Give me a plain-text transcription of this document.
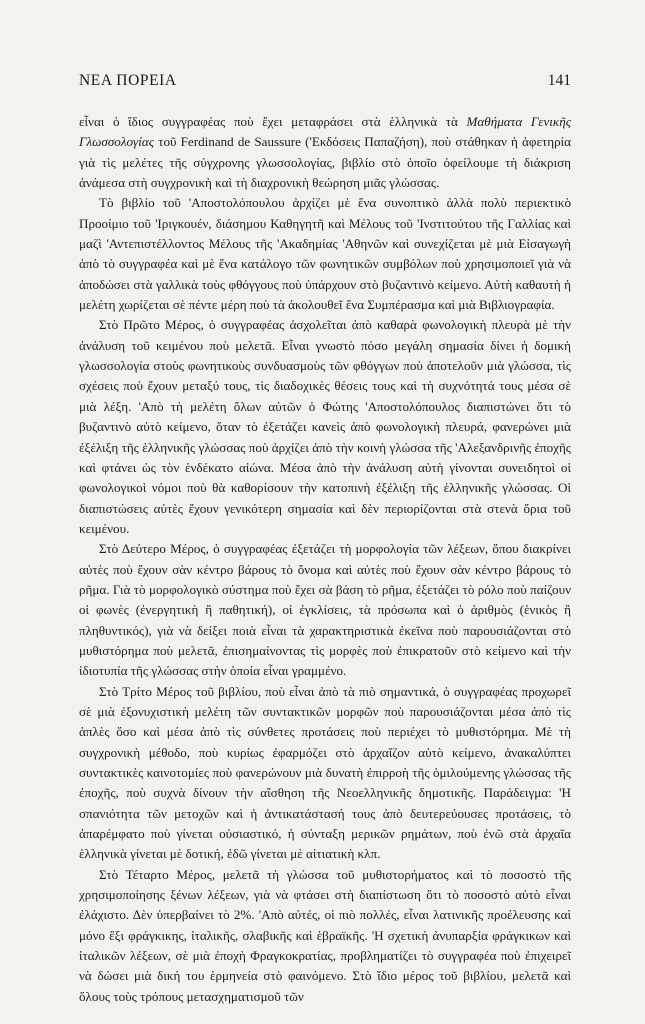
ΝΕΑ ΠΟΡΕΙΑ	141

εἶναι ὁ ἴδιος συγγραφέας ποὺ ἔχει μεταφράσει στὰ ἑλληνικὰ τὰ Μαθήματα Γενικῆς Γλωσσολογίας τοῦ Ferdinand de Saussure ('Εκδόσεις Παπαζήση), ποὺ στάθηκαν ἡ ἀφετηρία γιὰ τὶς μελέτες τῆς σύγχρονης γλωσσολογίας, βιβλίο στὸ ὁποῖο ὀφείλουμε τὴ διάκριση ἀνάμεσα στὴ συγχρονικὴ καὶ τὴ διαχρονικὴ θεώρηση μιᾶς γλώσσας.

Τὸ βιβλίο τοῦ 'Αποστολόπουλου ἀρχίζει μὲ ἕνα συνοπτικὸ ἀλλὰ πολὺ περιεκτικὸ Προοίμιο τοῦ 'Ιριγκουέν, διάσημου Καθηγητῆ καὶ Μέλους τοῦ 'Ινστιτούτου τῆς Γαλλίας καὶ μαζὶ 'Αντεπιστέλλοντος Μέλους τῆς 'Ακαδημίας 'Αθηνῶν καὶ συνεχίζεται μὲ μιὰ Εἰσαγωγὴ ἀπὸ τὸ συγγραφέα καὶ μὲ ἕνα κατάλογο τῶν φωνητικῶν συμβόλων ποὺ χρησιμοποιεῖ γιὰ νὰ ἀποδώσει στὰ γαλλικὰ τοὺς φθόγγους ποὺ ὑπάρχουν στὸ βυζαντινὸ κείμενο. Αὐτὴ καθαυτὴ ἡ μελέτη χωρίζεται σὲ πέντε μέρη ποὺ τὰ ἀκολουθεῖ ἕνα Συμπέρασμα καὶ μιὰ Βιβλιογραφία.

Στὸ Πρῶτο Μέρος, ὁ συγγραφέας ἀσχολεῖται ἀπὸ καθαρὰ φωνολογικὴ πλευρὰ μὲ τὴν ἀνάλυση τοῦ κειμένου ποὺ μελετᾶ. Εἶναι γνωστὸ πόσο μεγάλη σημασία δίνει ἡ δομικὴ γλωσσολογία στοὺς φωνητικοὺς συνδυασμοὺς τῶν φθόγγων ποὺ ἀποτελοῦν μιὰ γλώσσα, τὶς σχέσεις ποὺ ἔχουν μεταξύ τους, τὶς διαδοχικὲς θέσεις τους καὶ τὴ συχνότητά τους μέσα σὲ μιὰ λέξη. 'Απὸ τὴ μελέτη ὅλων αὐτῶν ὁ Φώτης 'Αποστολόπουλος διαπιστώνει ὅτι τὸ βυζαντινὸ αὐτὸ κείμενο, ὅταν τὸ ἐξετάζει κανεὶς ἀπὸ φωνολογικὴ πλευρά, φανερώνει μιὰ ἐξέλιξη τῆς ἑλληνικῆς γλώσσας ποὺ ἀρχίζει ἀπὸ τὴν κοινὴ γλώσσα τῆς 'Αλεξανδρινῆς ἐποχῆς καὶ φτάνει ὡς τὸν ἑνδέκατο αἰώνα. Μέσα ἀπὸ τὴν ἀνάλυση αὐτὴ γίνονται συνειδητοὶ οἱ φωνολογικοὶ νόμοι ποὺ θὰ καθορίσουν τὴν κατοπινὴ ἐξέλιξη τῆς ἑλληνικῆς γλώσσας. Οἱ διαπιστώσεις αὐτὲς ἔχουν γενικότερη σημασία καὶ δὲν περιορίζονται στὰ στενὰ ὅρια τοῦ κειμένου.

Στὸ Δεύτερο Μέρος, ὁ συγγραφέας ἐξετάζει τὴ μορφολογία τῶν λέξεων, ὅπου διακρίνει αὐτὲς ποὺ ἔχουν σὰν κέντρο βάρους τὸ ὄνομα καὶ αὐτὲς ποὺ ἔχουν σὰν κέντρο βάρους τὸ ρῆμα. Γιὰ τὸ μορφολογικὸ σύστημα ποὺ ἔχει σὰ βάση τὸ ρῆμα, ἐξετάζει τὸ ρόλο ποὺ παίζουν οἱ φωνὲς (ἐνεργητικὴ ἢ παθητική), οἱ ἐγκλίσεις, τὰ πρόσωπα καὶ ὁ ἀριθμὸς (ἑνικὸς ἢ πληθυντικός), γιὰ νὰ δείξει ποιὰ εἶναι τὰ χαρακτηριστικὰ ἐκεῖνα ποὺ παρουσιάζονται στὸ μυθιστόρημα ποὺ μελετᾶ, ἐπισημαίνοντας τὶς μορφὲς ποὺ ἐπικρατοῦν στὸ κείμενο καὶ τὴν ἰδιοτυπία τῆς γλώσσας στὴν ὁποία εἶναι γραμμένο.

Στὸ Τρίτο Μέρος τοῦ βιβλίου, ποὺ εἶναι ἀπὸ τὰ πιὸ σημαντικά, ὁ συγγραφέας προχωρεῖ σὲ μιὰ ἐξονυχιστικὴ μελέτη τῶν συντακτικῶν μορφῶν ποὺ παρουσιάζονται μέσα ἀπὸ τὶς ἁπλὲς ὅσο καὶ μέσα ἀπὸ τὶς σύνθετες προτάσεις ποὺ περιέχει τὸ μυθιστόρημα. Μὲ τὴ συγχρονικὴ μέθοδο, ποὺ κυρίως ἐφαρμόζει στὸ ἀρχαΐζον αὐτὸ κείμενο, ἀνακαλύπτει συντακτικὲς καινοτομίες ποὺ φανερώνουν μιὰ δυνατὴ ἐπιρροὴ τῆς ὁμιλούμενης γλώσσας τῆς ἐποχῆς, ποὺ συχνὰ δίνουν τὴν αἴσθηση τῆς Νεοελληνικῆς δημοτικῆς. Παράδειγμα: 'Η σπανιότητα τῶν μετοχῶν καὶ ἡ ἀντικατάστασή τους ἀπὸ δευτερεύουσες προτάσεις, τὸ ἀπαρέμφατο ποὺ γίνεται οὐσιαστικό, ἡ σύνταξη μερικῶν ρημάτων, ποὺ ἐνῶ στὰ ἀρχαῖα ἑλληνικὰ γίνεται μὲ δοτική, ἐδῶ γίνεται μὲ αἰτιατικὴ κλπ.

Στὸ Τέταρτο Μέρος, μελετᾶ τὴ γλώσσα τοῦ μυθιστορήματος καὶ τὸ ποσοστὸ τῆς χρησιμοποίησης ξένων λέξεων, γιὰ νὰ φτάσει στὴ διαπίστωση ὅτι τὸ ποσοστὸ αὐτὸ εἶναι ἐλάχιστο. Δὲν ὑπερβαίνει τὸ 2%. 'Απὸ αὐτές, οἱ πιὸ πολλές, εἶναι λατινικῆς προέλευσης καὶ μόνο ἕξι φράγκικης, ἰταλικῆς, σλαβικῆς καὶ ἑβραϊκῆς. 'Η σχετικὴ ἀνυπαρξία φράγκικων καὶ ἰταλικῶν λέξεων, σὲ μιὰ ἐποχὴ Φραγκοκρατίας, προβληματίζει τὸ συγγραφέα ποὺ ἐπιχειρεῖ νὰ δώσει μιὰ δική του ἑρμηνεία στὸ φαινόμενο. Στὸ ἴδιο μέρος τοῦ βιβλίου, μελετᾶ καὶ ὅλους τοὺς τρόπους μετασχηματισμοῦ τῶν
